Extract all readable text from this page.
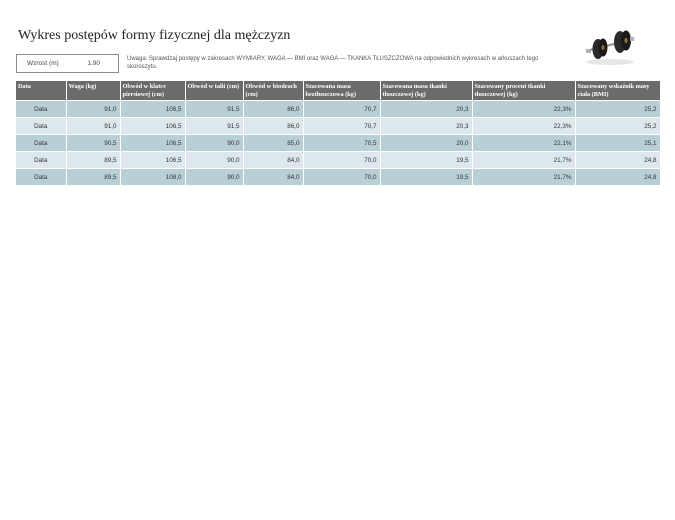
Wykres postępów formy fizycznej dla mężczyzn
Wzrost (m)	1,90
Uwaga: Sprawdzaj postępy w zakresach WYMIARY, WAGA — BMI oraz WAGA — TKANKA TŁUSZCZOWA na odpowiednich wykresach w arkuszach tego skoroszytu.
Data	Waga (kg)	Obwód w klatce piersiowej (cm)	Obwód w talii (cm)	Obwód w biodrach (cm)	Szacowana masa beztłuszczowa (kg)	Szacowana masa tkanki tłuszczowej (kg)	Szacowany procent tkanki tłuszczowej (kg)	Szacowany wskaźnik masy ciała (BMI)
Data	91,0	106,5	91,5	86,0	70,7	20,3	22,3%	25,2
Data	91,0	106,5	91,5	86,0	70,7	20,3	22,3%	25,2
Data	90,5	106,5	90,0	85,0	70,5	20,0	22,1%	25,1
Data	89,5	106,5	90,0	84,0	70,0	19,5	21,7%	24,8
Data	89,5	108,0	90,0	84,0	70,0	19,5	21,7%	24,8
